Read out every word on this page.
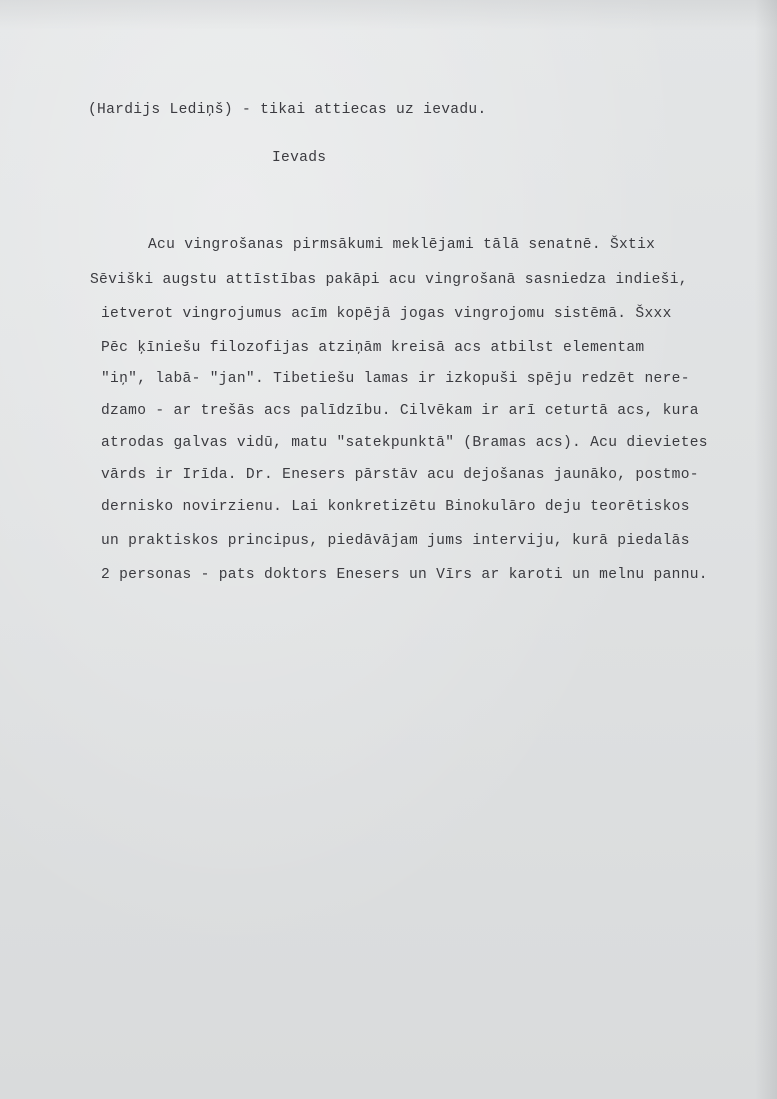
(Hardijs Lediņš) - tikai attiecas uz ievadu.
Ievads
Acu vingrošanas pirmsākumi meklējami tālā senatnē. Šxtix
Sēviški augstu attīstības pakāpi acu vingrošanā sasniedza indieši,
ietverot vingrojumus acīm kopējā jogas vingrojomu sistēmā. Šxxx
Pēc ķīniešu filozofijas atziņām kreisā acs atbilst elementam
"iņ", labā- "jan". Tibetiešu lamas ir izkopuši spēju redzēt nere-
dzamo - ar trešās acs palīdzību. Cilvēkam ir arī ceturtā acs, kura
atrodas galvas vidū, matu "satekpunktā" (Bramas acs). Acu dievietes
vārds ir Irīda. Dr. Enesers pārstāv acu dejošanas jaunāko, postmo-
dernisko novirzienu. Lai konkretizētu Binokulāro deju teorētiskos
un praktiskos principus, piedāvājam jums interviju, kurā piedalās
2 personas - pats doktors Enesers un Vīrs ar karoti un melnu pannu.
